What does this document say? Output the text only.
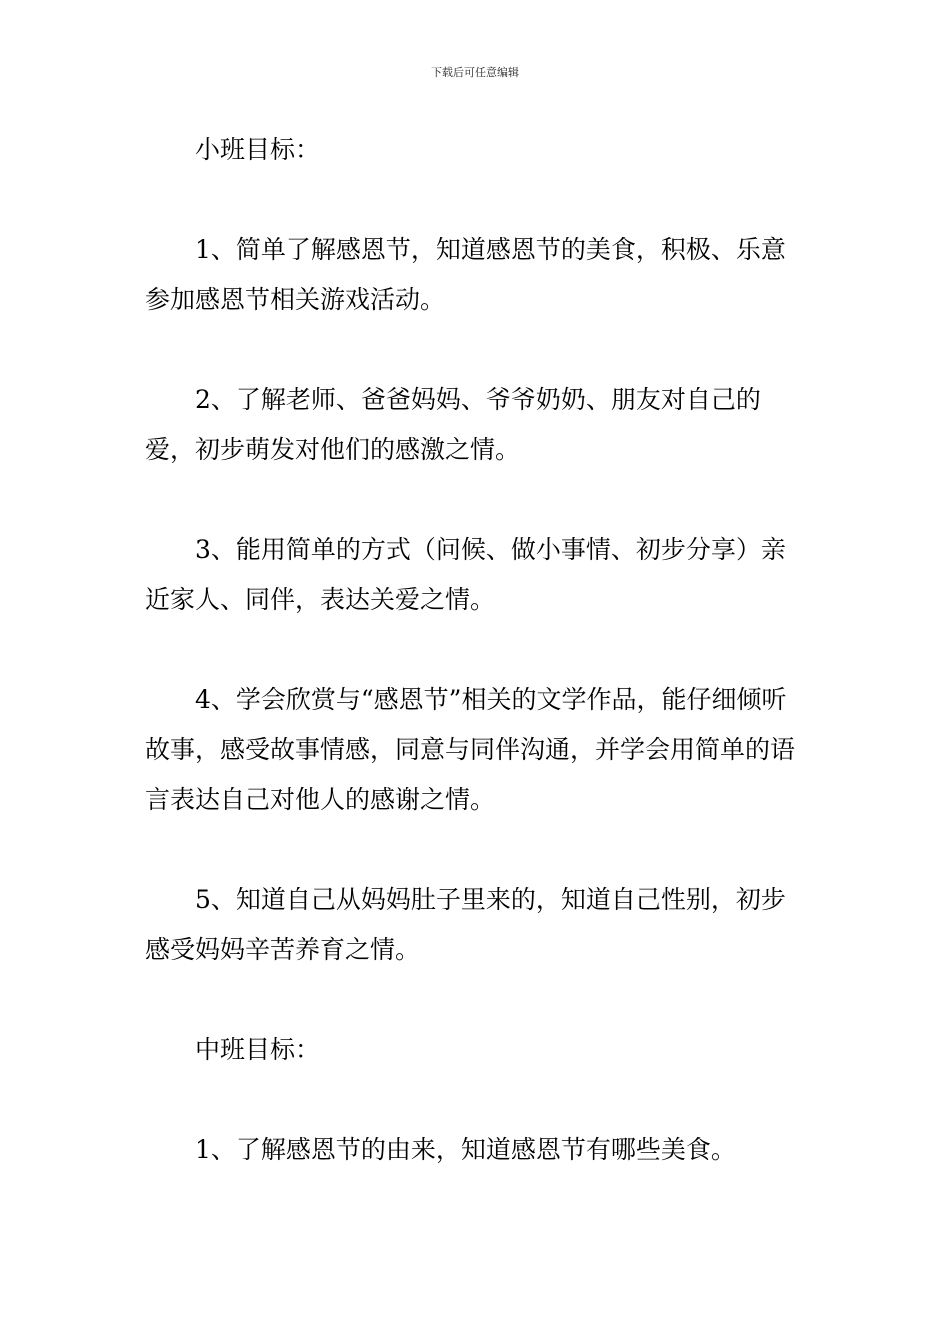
下载后可任意编辑

小班目标：

1、简单了解感恩节，知道感恩节的美食，积极、乐意参加感恩节相关游戏活动。

2、了解老师、爸爸妈妈、爷爷奶奶、朋友对自己的爱，初步萌发对他们的感激之情。

3、能用简单的方式（问候、做小事情、初步分享）亲近家人、同伴，表达关爱之情。

4、学会欣赏与“感恩节”相关的文学作品，能仔细倾听故事，感受故事情感，同意与同伴沟通，并学会用简单的语言表达自己对他人的感谢之情。

5、知道自己从妈妈肚子里来的，知道自己性别，初步感受妈妈辛苦养育之情。

中班目标：

1、了解感恩节的由来，知道感恩节有哪些美食。
